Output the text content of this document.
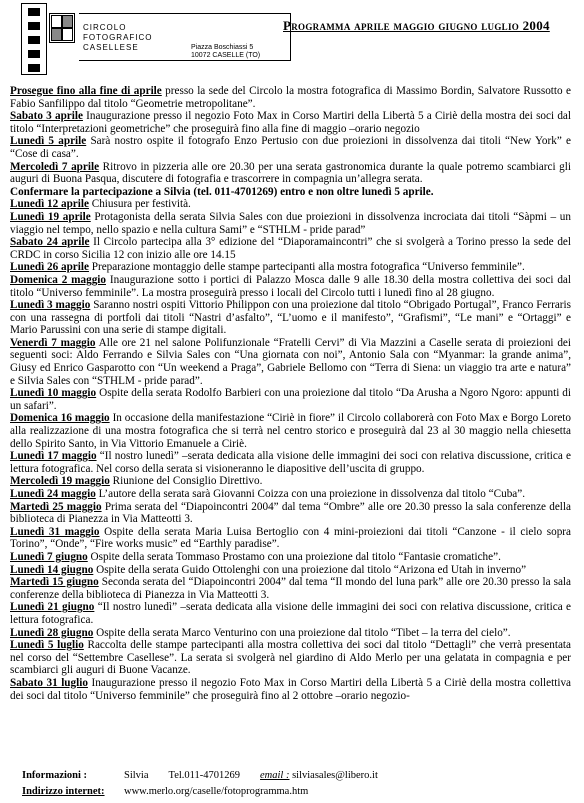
CIRCOLO
FOTOGRAFICO
CASELLESE	Piazza Boschiassi 5
10072 CASELLE (TO)
Programma aprile maggio giugno luglio 2004

Prosegue fino alla fine di aprile presso la sede del Circolo la mostra fotografica di Massimo Bordin, Salvatore Russotto e Fabio Sanfilippo dal titolo “Geometrie metropolitane”.

Sabato 3 aprile Inaugurazione presso il negozio Foto Max in Corso Martiri della Libertà 5 a Ciriè della mostra dei soci dal titolo “Interpretazioni geometriche” che proseguirà fino alla fine di maggio –orario negozio

Lunedì 5 aprile Sarà nostro ospite il fotografo Enzo Pertusio con due proiezioni in dissolvenza dai titoli “New York” e “Cose di casa”.

Mercoledì 7 aprile Ritrovo in pizzeria alle ore 20.30 per una serata gastronomica durante la quale potremo scambiarci gli auguri di Buona Pasqua, discutere di fotografia e trascorrere in compagnia un’allegra serata.
Confermare la partecipazione a Silvia (tel. 011-4701269) entro e non oltre lunedì 5 aprile.

Lunedì 12 aprile Chiusura per festività.

Lunedì 19 aprile Protagonista della serata Silvia Sales con due proiezioni in dissolvenza incrociata dai titoli “Sàpmi – un viaggio nel tempo, nello spazio e nella cultura Sami” e “STHLM - pride parad”

Sabato 24 aprile Il Circolo partecipa alla 3° edizione del “Diaporamaincontri” che si svolgerà a Torino presso la sede del CRDC in corso Sicilia 12 con inizio alle ore 14.15

Lunedì 26 aprile Preparazione montaggio delle stampe partecipanti alla mostra fotografica “Universo femminile”.

Domenica 2 maggio Inaugurazione sotto i portici di Palazzo Mosca dalle 9 alle 18.30 della mostra collettiva dei soci dal titolo “Universo femminile”. La mostra proseguirà presso i locali del Circolo tutti i lunedì fino al 28 giugno.

Lunedì 3 maggio Saranno nostri ospiti Vittorio Philippon con una proiezione dal titolo “Obrigado Portugal”, Franco Ferraris con una rassegna di portfoli dai titoli “Nastri d’asfalto”, “L’uomo e il manifesto”, “Grafismi”, “Le mani” e “Ortaggi” e Mario Parussini con una serie di stampe digitali.

Venerdì 7 maggio Alle ore 21 nel salone Polifunzionale “Fratelli Cervi” di Via Mazzini a Caselle serata di proiezioni dei seguenti soci: Aldo Ferrando e Silvia Sales con “Una giornata con noi”, Antonio Sala con “Myanmar: la grande anima”, Giusy ed Enrico Gasparotto con “Un weekend a Praga”, Gabriele Bellomo con “Terra di Siena: un viaggio tra arte e natura” e Silvia Sales con “STHLM - pride parad”.

Lunedì 10 maggio Ospite della serata Rodolfo Barbieri con una proiezione dal titolo “Da Arusha a Ngoro Ngoro: appunti di un safari”.

Domenica 16 maggio In occasione della manifestazione “Ciriè in fiore” il Circolo collaborerà con Foto Max e Borgo Loreto alla realizzazione di una mostra fotografica che si terrà nel centro storico e proseguirà dal 23 al 30 maggio nella chiesetta dello Spirito Santo, in Via Vittorio Emanuele a Ciriè.

Lunedì 17 maggio “Il nostro lunedì” –serata dedicata alla visione delle immagini dei soci con relativa discussione, critica e lettura fotografica. Nel corso della serata si visioneranno le diapositive dell’uscita di gruppo.

Mercoledì 19 maggio Riunione del Consiglio Direttivo.

Lunedì 24 maggio L’autore della serata sarà Giovanni Coizza con una proiezione in dissolvenza dal titolo “Cuba”.

Martedì 25 maggio Prima serata del “Diapoincontri 2004” dal tema “Ombre” alle ore 20.30 presso la sala conferenze della biblioteca di Pianezza in Via Matteotti 3.

Lunedì 31 maggio Ospite della serata Maria Luisa Bertoglio con 4 mini-proiezioni dai titoli “Canzone - il cielo sopra Torino”, “Onde”, “Fire works music” ed “Earthly paradise”.

Lunedì 7 giugno Ospite della serata Tommaso Prostamo con una proiezione dal titolo “Fantasie cromatiche”.

Lunedì 14 giugno Ospite della serata Guido Ottolenghi con una proiezione dal titolo “Arizona ed Utah in inverno”

Martedì 15 giugno Seconda serata del “Diapoincontri 2004” dal tema “Il mondo del luna park” alle ore 20.30 presso la sala conferenze della biblioteca di Pianezza in Via Matteotti 3.

Lunedì 21 giugno “Il nostro lunedì” –serata dedicata alla visione delle immagini dei soci con relativa discussione, critica e lettura fotografica.

Lunedì 28 giugno Ospite della serata Marco Venturino con una proiezione dal titolo “Tibet – la terra del cielo”.

Lunedì 5 luglio Raccolta delle stampe partecipanti alla mostra collettiva dei soci dal titolo “Dettagli” che verrà presentata nel corso del “Settembre Casellese”. La serata si svolgerà nel giardino di Aldo Merlo per una gelatata in compagnia e per scambiarci gli auguri di Buone Vacanze.

Sabato 31 luglio Inaugurazione presso il negozio Foto Max in Corso Martiri della Libertà 5 a Ciriè della mostra collettiva dei soci dal titolo “Universo femminile” che proseguirà fino al 2 ottobre –orario negozio-

Informazioni :	Silvia Tel.011-4701269 email : silviasales@libero.it
Indirizzo internet: www.merlo.org/caselle/fotoprogramma.htm
